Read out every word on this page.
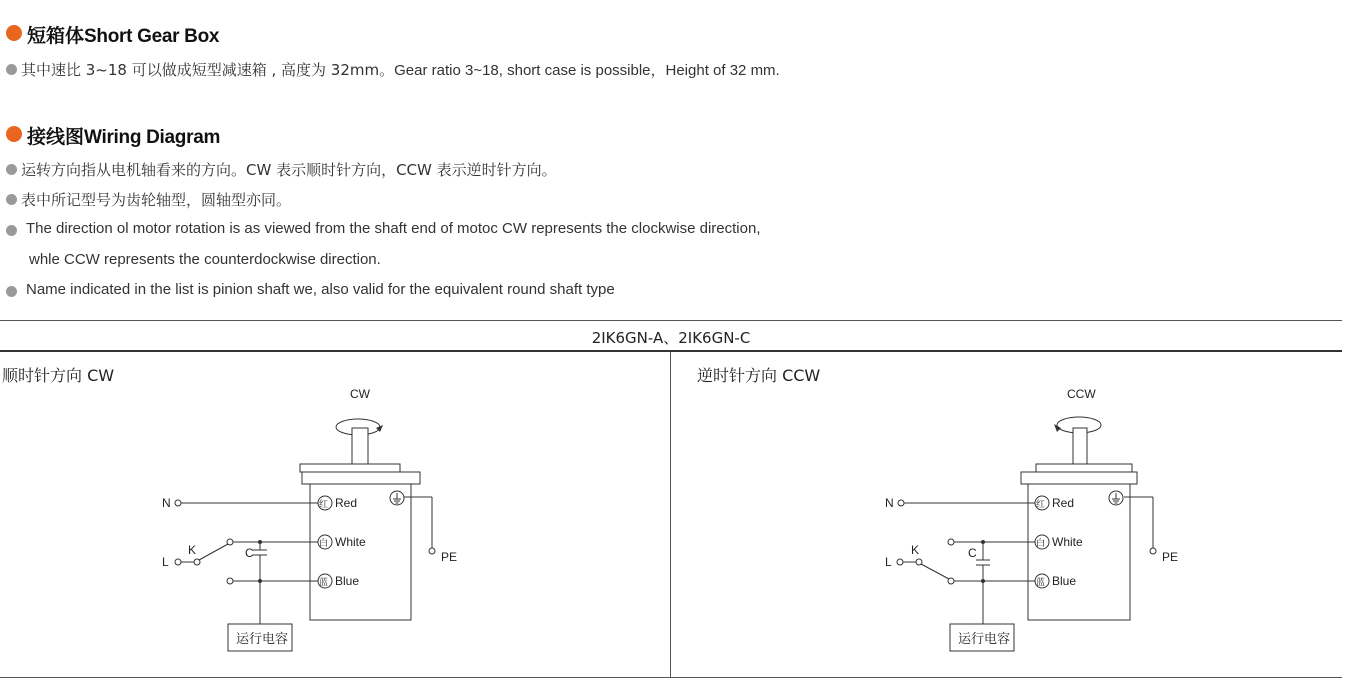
短箱体Short Gear Box
其中速比 3~18 可以做成短型减速箱 , 高度为 32mm。Gear ratio 3~18, short case is possible，Height of 32 mm.
接线图Wiring Diagram
运转方向指从电机轴看来的方向。CW 表示顺时针方向，CCW 表示逆时针方向。
表中所记型号为齿轮轴型，圆轴型亦同。
The direction ol motor rotation is as viewed from the shaft end of motoc CW represents the clockwise direction,
whle CCW represents the counterdockwise direction.
Name indicated in the list is pinion shaft we, also valid for the equivalent round shaft type
2IK6GN-A、2IK6GN-C
顺时针方向 CW	逆时针方向 CCW
CW
N
L
K	C	PE
红 Red
白 White
蓝 Blue
运行电容
CCW
N
L
K	C	PE
红 Red
白 White
蓝 Blue
运行电容
